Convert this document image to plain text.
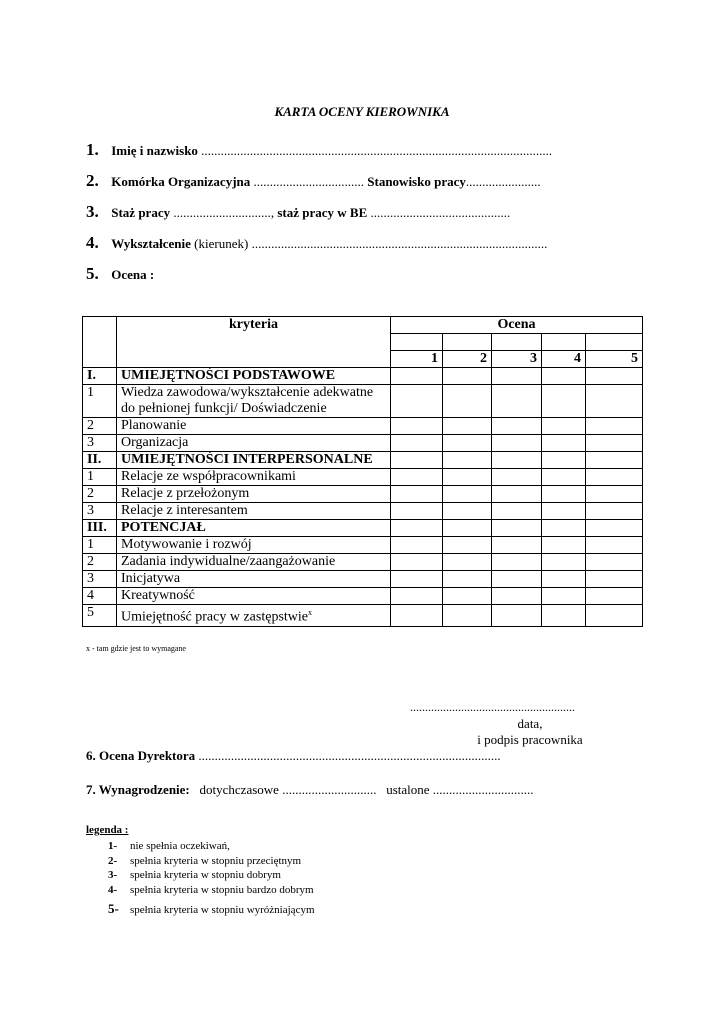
KARTA OCENY KIEROWNIKA
1. Imię i nazwisko ............................................................................................................
2. Komórka Organizacyjna .................................. Stanowisko pracy.......................
3. Staż pracy .............................., staż pracy w BE ...........................................
4. Wykształcenie (kierunek) ...........................................................................................
5. Ocena :
	kryteria	Ocena				

		1	2	3	4	5
I.	UMIEJĘTNOŚCI PODSTAWOWE					
1	Wiedza zawodowa/wykształcenie adekwatne
do pełnionej funkcji/ Doświadczenie					
2	Planowanie					
3	Organizacja					
II.	UMIEJĘTNOŚCI INTERPERSONALNE					
1	Relacje ze współpracownikami					
2	Relacje z przełożonym					
3	Relacje z interesantem					
III.	POTENCJAŁ					
1	Motywowanie i rozwój					
2	Zadania indywidualne/zaangażowanie					
3	Inicjatywa					
4	Kreatywność					
5	Umiejętność pracy w zastępstwie$^x$					
x - tam gdzie jest to wymagane
.......................................................
data,
i podpis pracownika
6. Ocena Dyrektora .............................................................................................
7. Wynagrodzenie: dotychczasowe ............................. ustalone ...............................
legenda :
1- nie spełnia oczekiwań,
2- spełnia kryteria w stopniu przeciętnym
3- spełnia kryteria w stopniu dobrym
4- spełnia kryteria w stopniu bardzo dobrym
5- spełnia kryteria w stopniu wyróżniającym
